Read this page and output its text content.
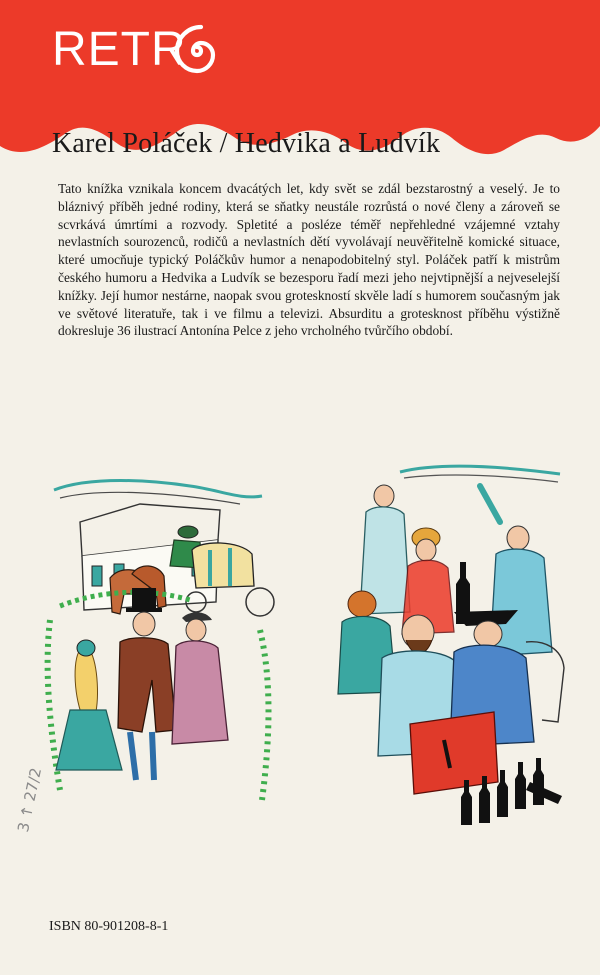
RETR
Karel Poláček / Hedvika a Ludvík
Tato knížka vznikala koncem dvacátých let, kdy svět se zdál bezstarostný a veselý. Je to bláznivý příběh jedné rodiny, která se sňatky neustále rozrůstá o nové členy a zároveň se scvrkává úmrtími a rozvody. Spletité a posléze téměř nepřehledné vzájemné vztahy nevlastních sourozenců, rodičů a nevlastních dětí vyvolávají neuvěřitelně komické situace, které umocňuje typický Poláčkův humor a nenapodobitelný styl. Poláček patří k mistrům českého humoru a Hedvika a Ludvík se bezesporu řadí mezi jeho nejvtipnější a nejveselejší knížky. Její humor nestárne, naopak svou groteskností skvěle ladí s humorem současným jak ve světové literatuře, tak i ve filmu a televizi. Absurditu a grotesknost příběhu výstižně dokresluje 36 ilustrací Antonína Pelce z jeho vrcholného tvůrčího období.
3 ↑ 27/2
ISBN 80-901208-8-1
